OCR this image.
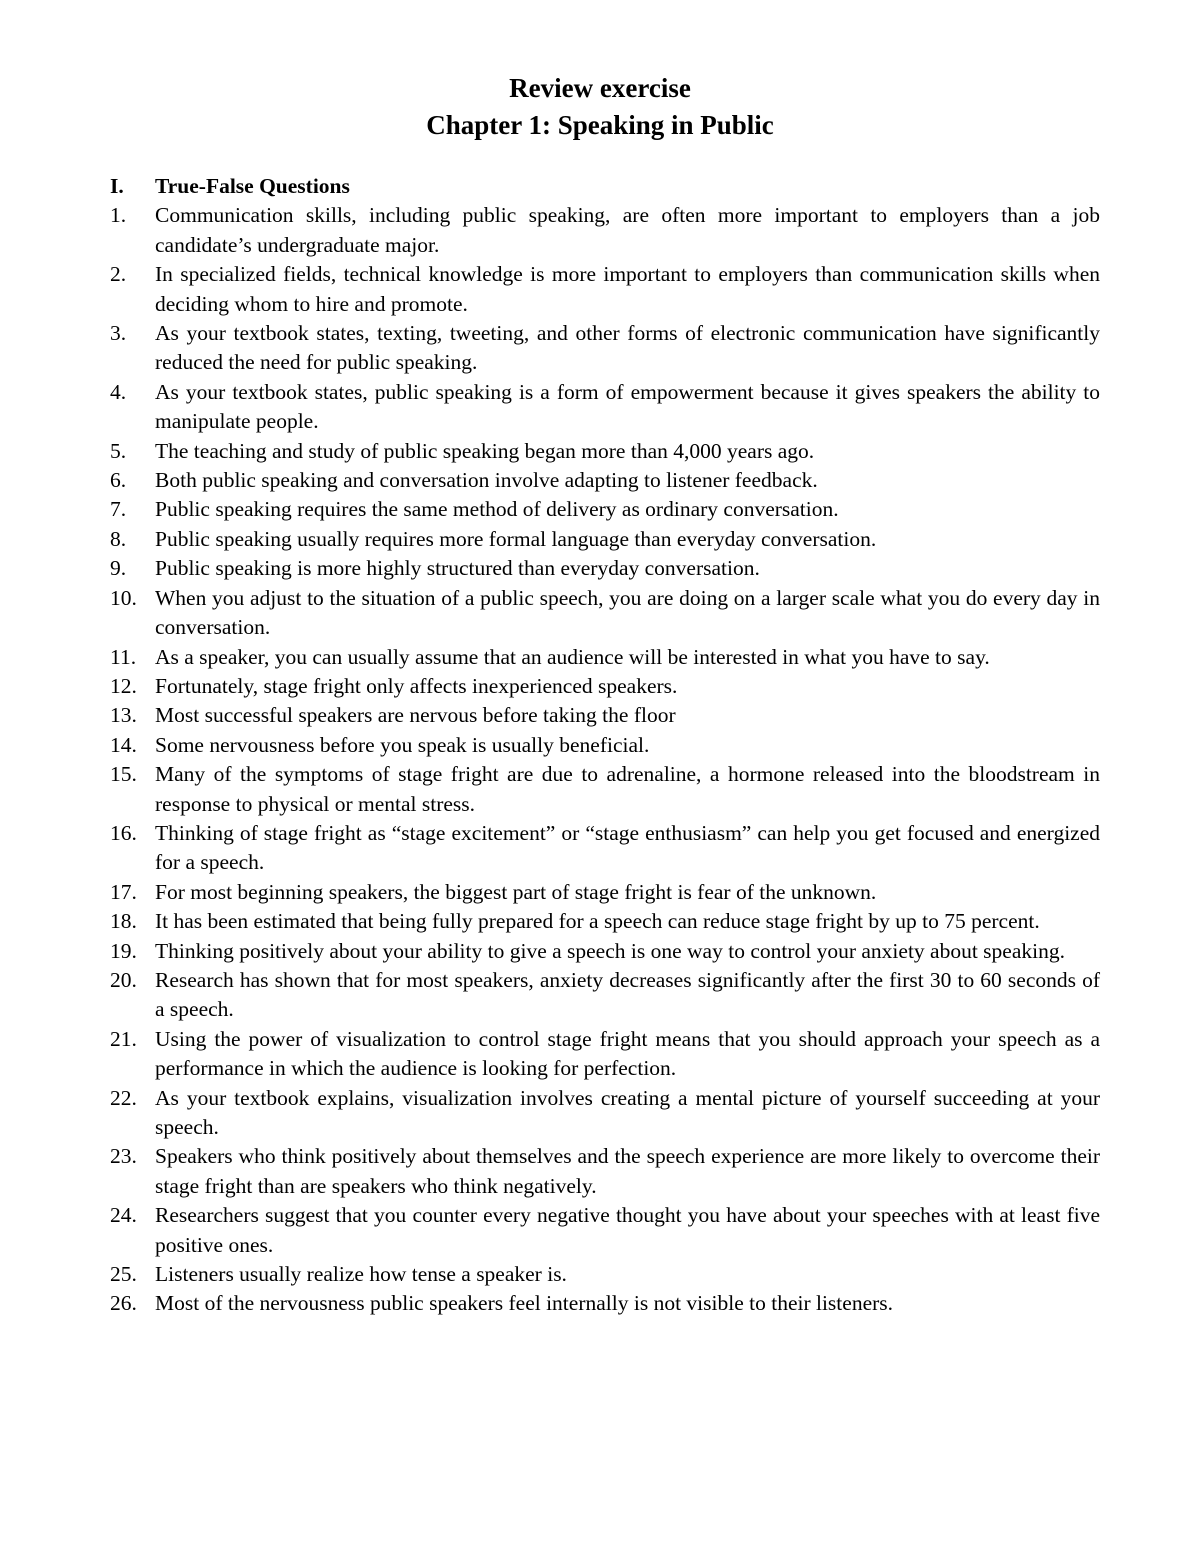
Review exercise
Chapter 1: Speaking in Public
I.	True-False Questions
1.	Communication skills, including public speaking, are often more important to employers than a job candidate’s undergraduate major.
2.	In specialized fields, technical knowledge is more important to employers than communication skills when deciding whom to hire and promote.
3.	As your textbook states, texting, tweeting, and other forms of electronic communication have significantly reduced the need for public speaking.
4.	As your textbook states, public speaking is a form of empowerment because it gives speakers the ability to manipulate people.
5.	The teaching and study of public speaking began more than 4,000 years ago.
6.	Both public speaking and conversation involve adapting to listener feedback.
7.	Public speaking requires the same method of delivery as ordinary conversation.
8.	Public speaking usually requires more formal language than everyday conversation.
9.	Public speaking is more highly structured than everyday conversation.
10. When you adjust to the situation of a public speech, you are doing on a larger scale what you do every day in conversation.
11. As a speaker, you can usually assume that an audience will be interested in what you have to say.
12. Fortunately, stage fright only affects inexperienced speakers.
13. Most successful speakers are nervous before taking the floor
14. Some nervousness before you speak is usually beneficial.
15. Many of the symptoms of stage fright are due to adrenaline, a hormone released into the bloodstream in response to physical or mental stress.
16. Thinking of stage fright as “stage excitement” or “stage enthusiasm” can help you get focused and energized for a speech.
17. For most beginning speakers, the biggest part of stage fright is fear of the unknown.
18. It has been estimated that being fully prepared for a speech can reduce stage fright by up to 75 percent.
19. Thinking positively about your ability to give a speech is one way to control your anxiety about speaking.
20. Research has shown that for most speakers, anxiety decreases significantly after the first 30 to 60 seconds of a speech.
21. Using the power of visualization to control stage fright means that you should approach your speech as a performance in which the audience is looking for perfection.
22. As your textbook explains, visualization involves creating a mental picture of yourself succeeding at your speech.
23. Speakers who think positively about themselves and the speech experience are more likely to overcome their stage fright than are speakers who think negatively.
24. Researchers suggest that you counter every negative thought you have about your speeches with at least five positive ones.
25. Listeners usually realize how tense a speaker is.
26. Most of the nervousness public speakers feel internally is not visible to their listeners.
